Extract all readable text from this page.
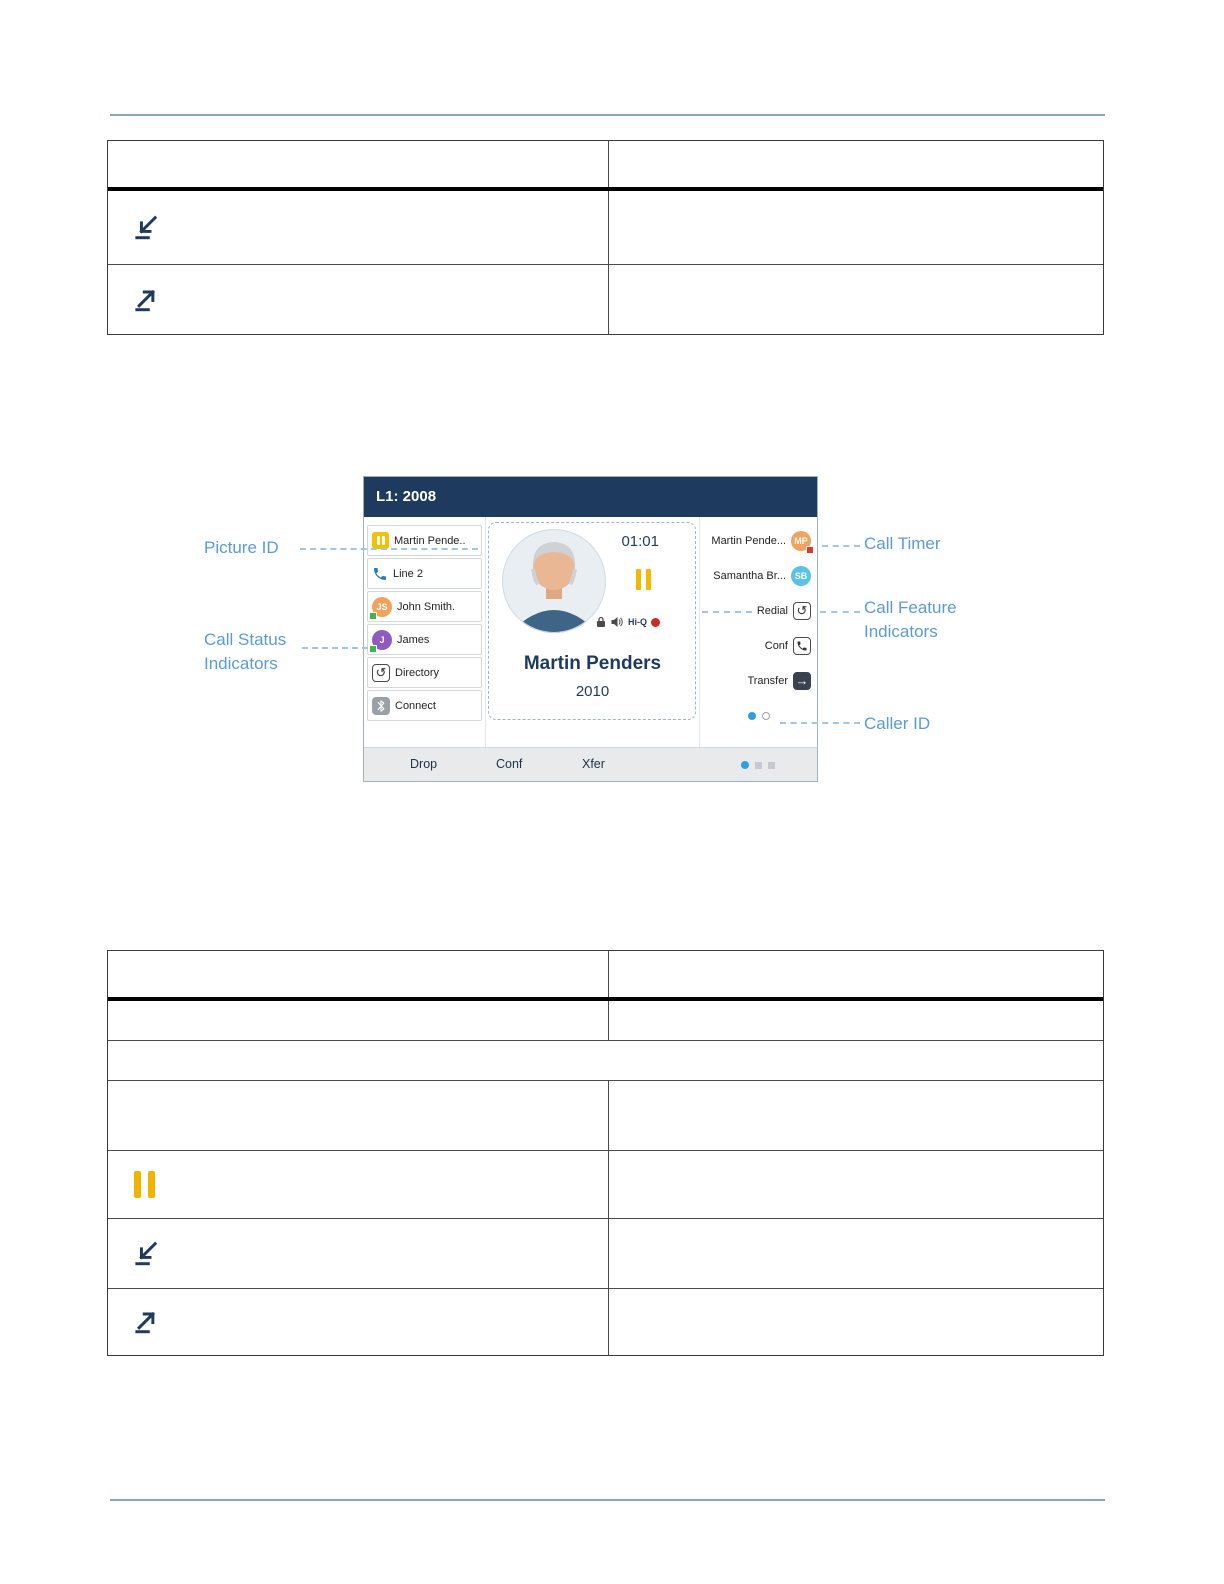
L1: 2008
Martin Pende..
Line 2
JS John Smith.
J James
↺ Directory
Connect
01:01
Hi-Q
Martin Penders
2010
Martin Pende... MP
Samantha Br... SB
Redial ↺
Conf
Transfer →
Drop	Conf	Xfer
Picture ID
Call Status
Indicators
Call Timer
Call Feature
Indicators
Caller ID
